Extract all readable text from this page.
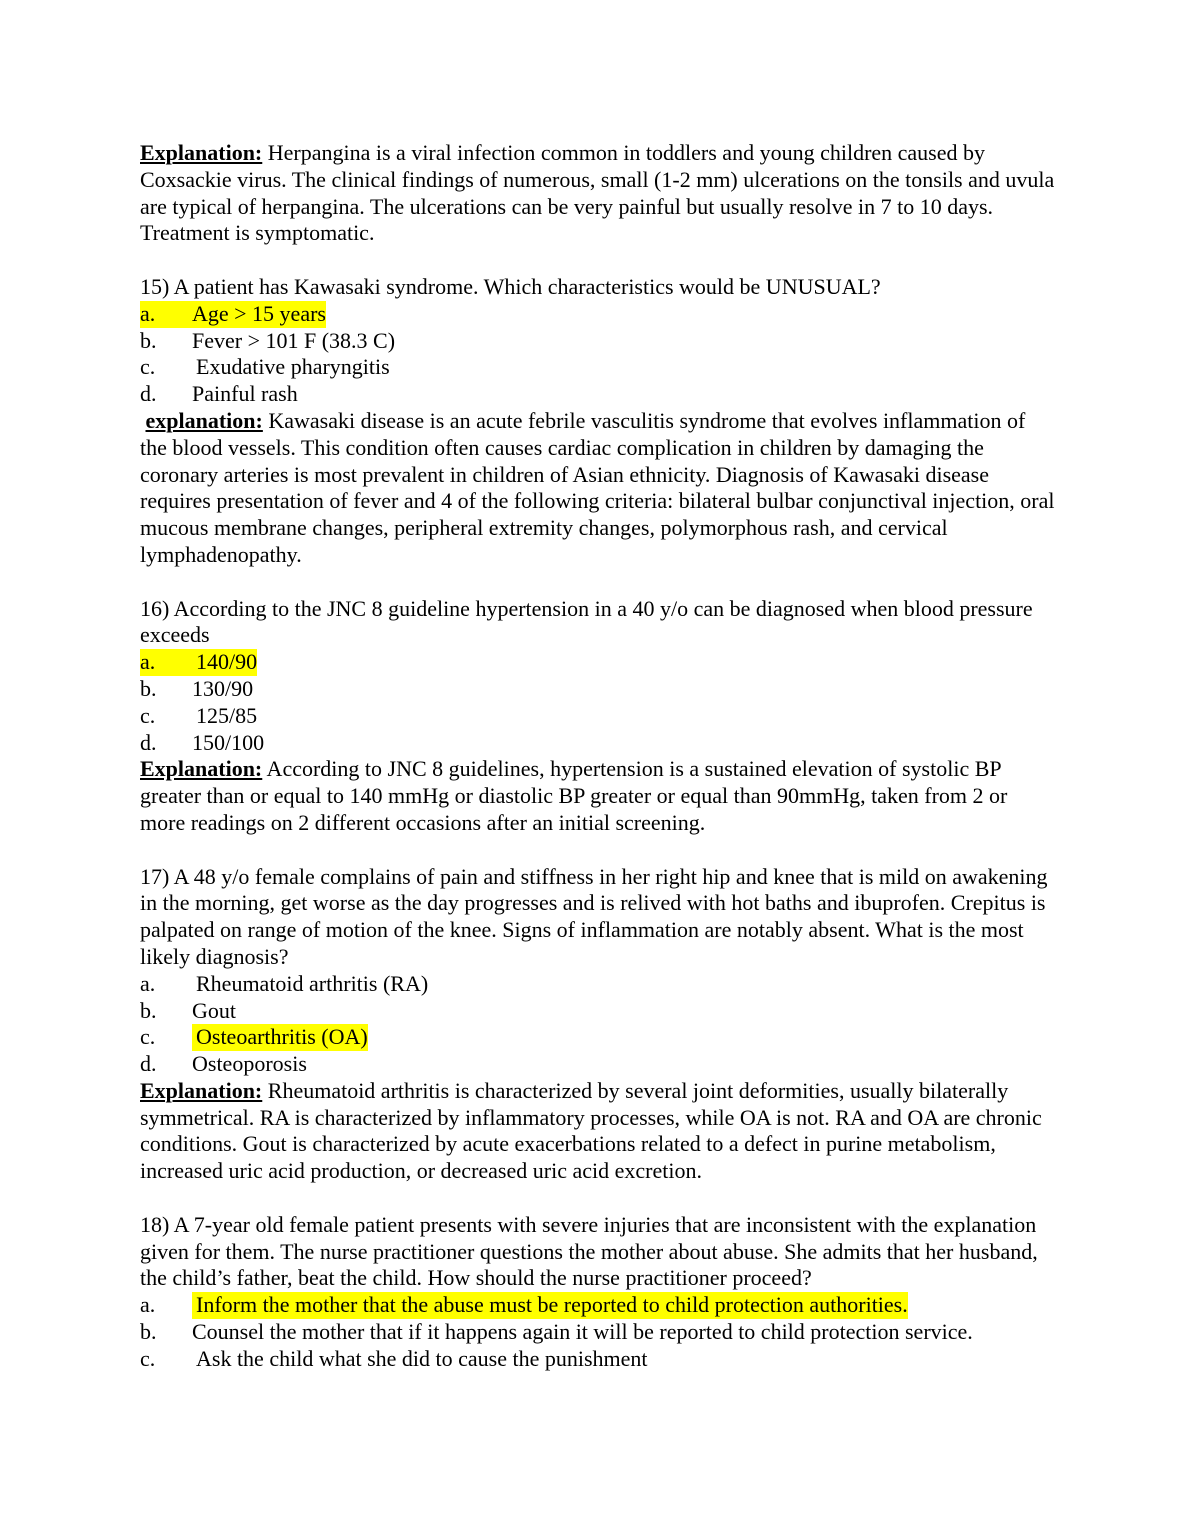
Explanation: Herpangina is a viral infection common in toddlers and young children caused by Coxsackie virus. The clinical findings of numerous, small (1-2 mm) ulcerations on the tonsils and uvula are typical of herpangina. The ulcerations can be very painful but usually resolve in 7 to 10 days. Treatment is symptomatic.

15) A patient has Kawasaki syndrome. Which characteristics would be UNUSUAL?

a.	Age > 15 years
b.	Fever > 101 F (38.3 C)
c.	Exudative pharyngitis
d.	Painful rash

explanation: Kawasaki disease is an acute febrile vasculitis syndrome that evolves inflammation of the blood vessels. This condition often causes cardiac complication in children by damaging the coronary arteries is most prevalent in children of Asian ethnicity. Diagnosis of Kawasaki disease requires presentation of fever and 4 of the following criteria: bilateral bulbar conjunctival injection, oral mucous membrane changes, peripheral extremity changes, polymorphous rash, and cervical lymphadenopathy.

16) According to the JNC 8 guideline hypertension in a 40 y/o can be diagnosed when blood pressure exceeds

a.	140/90
b.	130/90
c.	125/85
d.	150/100

Explanation: According to JNC 8 guidelines, hypertension is a sustained elevation of systolic BP greater than or equal to 140 mmHg or diastolic BP greater or equal than 90mmHg, taken from 2 or more readings on 2 different occasions after an initial screening.

17) A 48 y/o female complains of pain and stiffness in her right hip and knee that is mild on awakening in the morning, get worse as the day progresses and is relived with hot baths and ibuprofen. Crepitus is palpated on range of motion of the knee. Signs of inflammation are notably absent. What is the most likely diagnosis?

a.	Rheumatoid arthritis (RA)
b.	Gout
c.	Osteoarthritis (OA)
d.	Osteoporosis

Explanation: Rheumatoid arthritis is characterized by several joint deformities, usually bilaterally symmetrical. RA is characterized by inflammatory processes, while OA is not. RA and OA are chronic conditions. Gout is characterized by acute exacerbations related to a defect in purine metabolism, increased uric acid production, or decreased uric acid excretion.

18) A 7-year old female patient presents with severe injuries that are inconsistent with the explanation given for them. The nurse practitioner questions the mother about abuse. She admits that her husband, the child’s father, beat the child. How should the nurse practitioner proceed?

a.	Inform the mother that the abuse must be reported to child protection authorities.
b.	Counsel the mother that if it happens again it will be reported to child protection service.
c.	Ask the child what she did to cause the punishment
